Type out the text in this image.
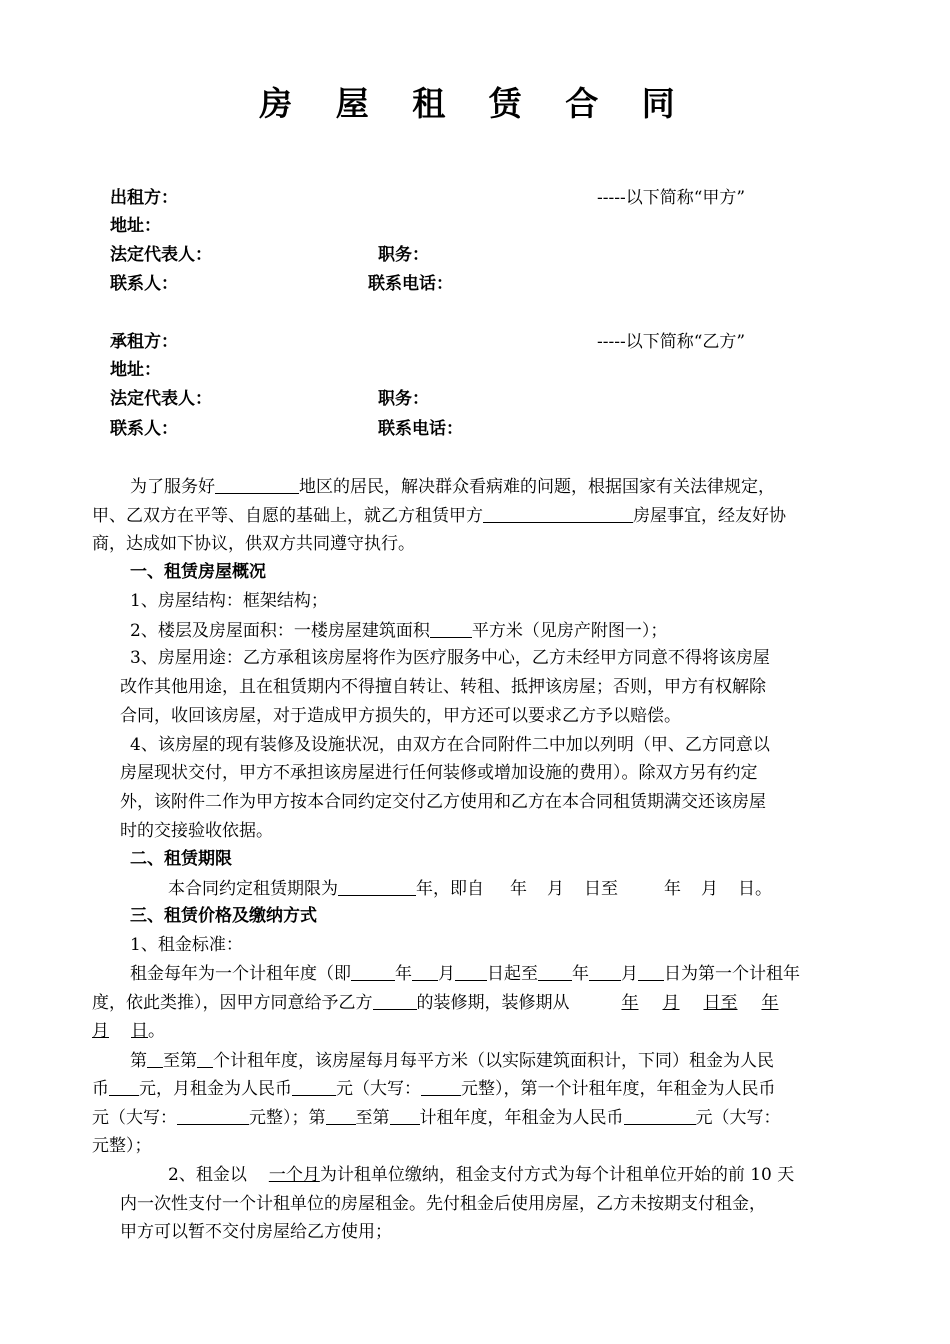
房 屋 租 赁 合 同
出租方：	-----以下简称“甲方”
地址：
法定代表人：	职务：
联系人：	联系电话：
承租方：	-----以下简称“乙方”
地址：
法定代表人：	职务：
联系人：	联系电话：
为了服务好	地区的居民，解决群众看病难的问题，根据国家有关法律规定，
甲、乙双方在平等、自愿的基础上，就乙方租赁甲方	房屋事宜，经友好协
商，达成如下协议，供双方共同遵守执行。
一、租赁房屋概况
1、房屋结构：框架结构；
2、楼层及房屋面积：一楼房屋建筑面积 平方米（见房产附图一）；
3、房屋用途：乙方承租该房屋将作为医疗服务中心，乙方未经甲方同意不得将该房屋
改作其他用途，且在租赁期内不得擅自转让、转租、抵押该房屋；否则，甲方有权解除
合同，收回该房屋，对于造成甲方损失的，甲方还可以要求乙方予以赔偿。
4、该房屋的现有装修及设施状况，由双方在合同附件二中加以列明（甲、乙方同意以
房屋现状交付，甲方不承担该房屋进行任何装修或增加设施的费用）。除双方另有约定
外，该附件二作为甲方按本合同约定交付乙方使用和乙方在本合同租赁期满交还该房屋
时的交接验收依据。
二、租赁期限
本合同约定租赁期限为	年，即自 年 月 日至	年 月 日。
三、租赁价格及缴纳方式
1、租金标准：
租金每年为一个计租年度（即	年 月 日起至 年 月 日为第一个计租年
度，依此类推），因甲方同意给予乙方	的装修期，装修期从	年 月 日至 年
月 日。
第 至第 个计租年度，该房屋每月每平方米（以实际建筑面积计，下同）租金为人民
币 元，月租金为人民币	元（大写： 元整），第一个计租年度，年租金为人民币
元（大写：	元整）；第 至第 计租年度，年租金为人民币	元（大写：
元整）；
2、租金以 一个月为计租单位缴纳，租金支付方式为每个计租单位开始的前 10 天
内一次性支付一个计租单位的房屋租金。先付租金后使用房屋，乙方未按期支付租金，
甲方可以暂不交付房屋给乙方使用；
